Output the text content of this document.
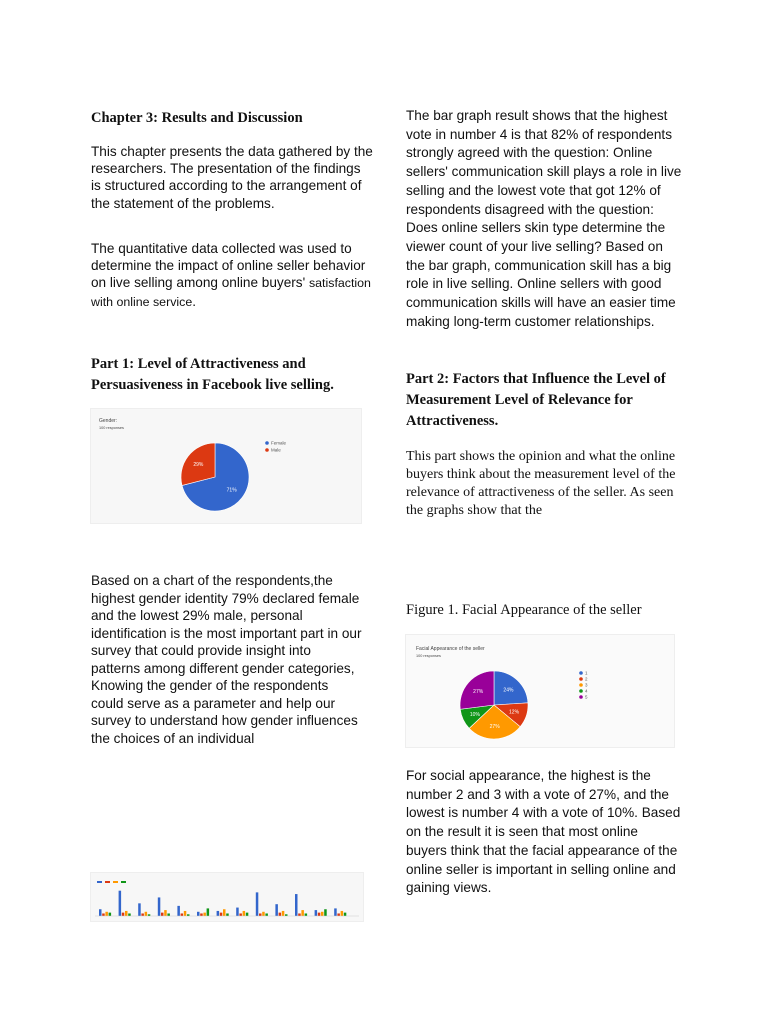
Chapter 3: Results and Discussion

This chapter presents the data gathered by the researchers. The presentation of the findings is structured according to the arrangement of the statement of the problems.

The quantitative data collected was used to determine the impact of online seller behavior on live selling among online buyers' satisfaction with online service.

Part 1: Level of Attractiveness and Persuasiveness in Facebook live selling.
Gender:
100 responses
71%
29%
Female
Male

Based on a chart of the respondents,the highest gender identity 79% declared female and the lowest 29% male, personal identification is the most important part in our survey that could provide insight into patterns among different gender categories, Knowing the gender of the respondents could serve as a parameter and help our survey to understand how gender influences the choices of an individual

The bar graph result shows that the highest vote in number 4 is that 82% of respondents strongly agreed with the question: Online sellers' communication skill plays a role in live selling and the lowest vote that got 12% of respondents disagreed with the question: Does online sellers skin type determine the viewer count of your live selling? Based on the bar graph, communication skill has a big role in live selling. Online sellers with good communication skills will have an easier time making long-term customer relationships.

Part 2: Factors that Influence the Level of Measurement Level of Relevance for Attractiveness.

This part shows the opinion and what the online buyers think about the measurement level of the relevance of attractiveness of the seller. As seen the graphs show that the

Figure 1. Facial Appearance of the seller

Facial Appearance of the seller
100 responses
24%
12%
27%
10%
27%
1
2
3
4
5

For social appearance, the highest is the number 2 and 3 with a vote of 27%, and the lowest is number 4 with a vote of 10%. Based on the result it is seen that most online buyers think that the facial appearance of the online seller is important in selling online and gaining views.
